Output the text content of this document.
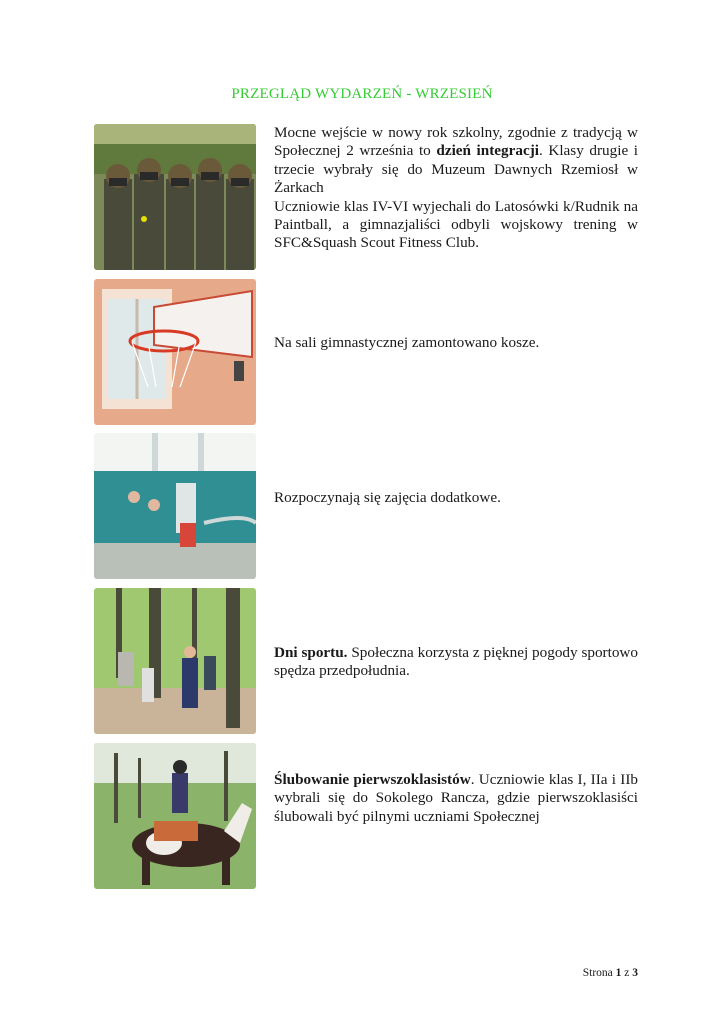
PRZEGLĄD WYDARZEŃ - WRZESIEŃ
Mocne wejście w nowy rok szkolny, zgodnie z tradycją w Społecznej 2 września to dzień integracji. Klasy drugie i trzecie wybrały się do Muzeum Dawnych Rzemiosł w Żarkach
Uczniowie klas IV-VI wyjechali do Latosówki k/Rudnik na Paintball, a gimnazjaliści odbyli wojskowy trening w SFC&Squash Scout Fitness Club.
Na sali gimnastycznej zamontowano kosze.
Rozpoczynają się zajęcia dodatkowe.
Dni sportu. Społeczna korzysta z pięknej pogody sportowo spędza przedpołudnia.
Ślubowanie pierwszoklasistów. Uczniowie klas I, IIa i IIb wybrali się do Sokolego Rancza, gdzie pierwszoklasiści ślubowali być pilnymi uczniami Społecznej
Strona 1 z 3
